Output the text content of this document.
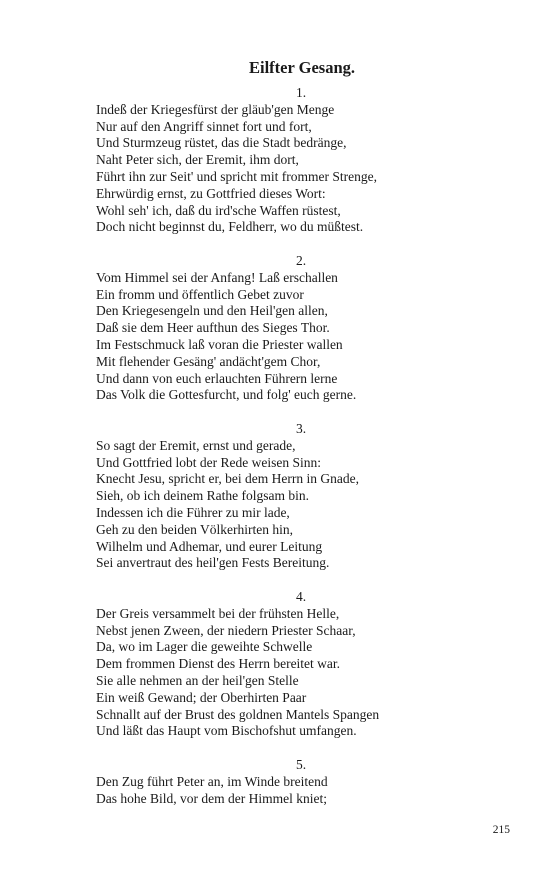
Eilfter Gesang.
1.
Indeß der Kriegesfürst der gläub'gen Menge
Nur auf den Angriff sinnet fort und fort,
Und Sturmzeug rüstet, das die Stadt bedränge,
Naht Peter sich, der Eremit, ihm dort,
Führt ihn zur Seit' und spricht mit frommer Strenge,
Ehrwürdig ernst, zu Gottfried dieses Wort:
Wohl seh' ich, daß du ird'sche Waffen rüstest,
Doch nicht beginnst du, Feldherr, wo du müßtest.
2.
Vom Himmel sei der Anfang! Laß erschallen
Ein fromm und öffentlich Gebet zuvor
Den Kriegesengeln und den Heil'gen allen,
Daß sie dem Heer aufthun des Sieges Thor.
Im Festschmuck laß voran die Priester wallen
Mit flehender Gesäng' andächt'gem Chor,
Und dann von euch erlauchten Führern lerne
Das Volk die Gottesfurcht, und folg' euch gerne.
3.
So sagt der Eremit, ernst und gerade,
Und Gottfried lobt der Rede weisen Sinn:
Knecht Jesu, spricht er, bei dem Herrn in Gnade,
Sieh, ob ich deinem Rathe folgsam bin.
Indessen ich die Führer zu mir lade,
Geh zu den beiden Völkerhirten hin,
Wilhelm und Adhemar, und eurer Leitung
Sei anvertraut des heil'gen Fests Bereitung.
4.
Der Greis versammelt bei der frühsten Helle,
Nebst jenen Zween, der niedern Priester Schaar,
Da, wo im Lager die geweihte Schwelle
Dem frommen Dienst des Herrn bereitet war.
Sie alle nehmen an der heil'gen Stelle
Ein weiß Gewand; der Oberhirten Paar
Schnallt auf der Brust des goldnen Mantels Spangen
Und läßt das Haupt vom Bischofshut umfangen.
5.
Den Zug führt Peter an, im Winde breitend
Das hohe Bild, vor dem der Himmel kniet;
215
